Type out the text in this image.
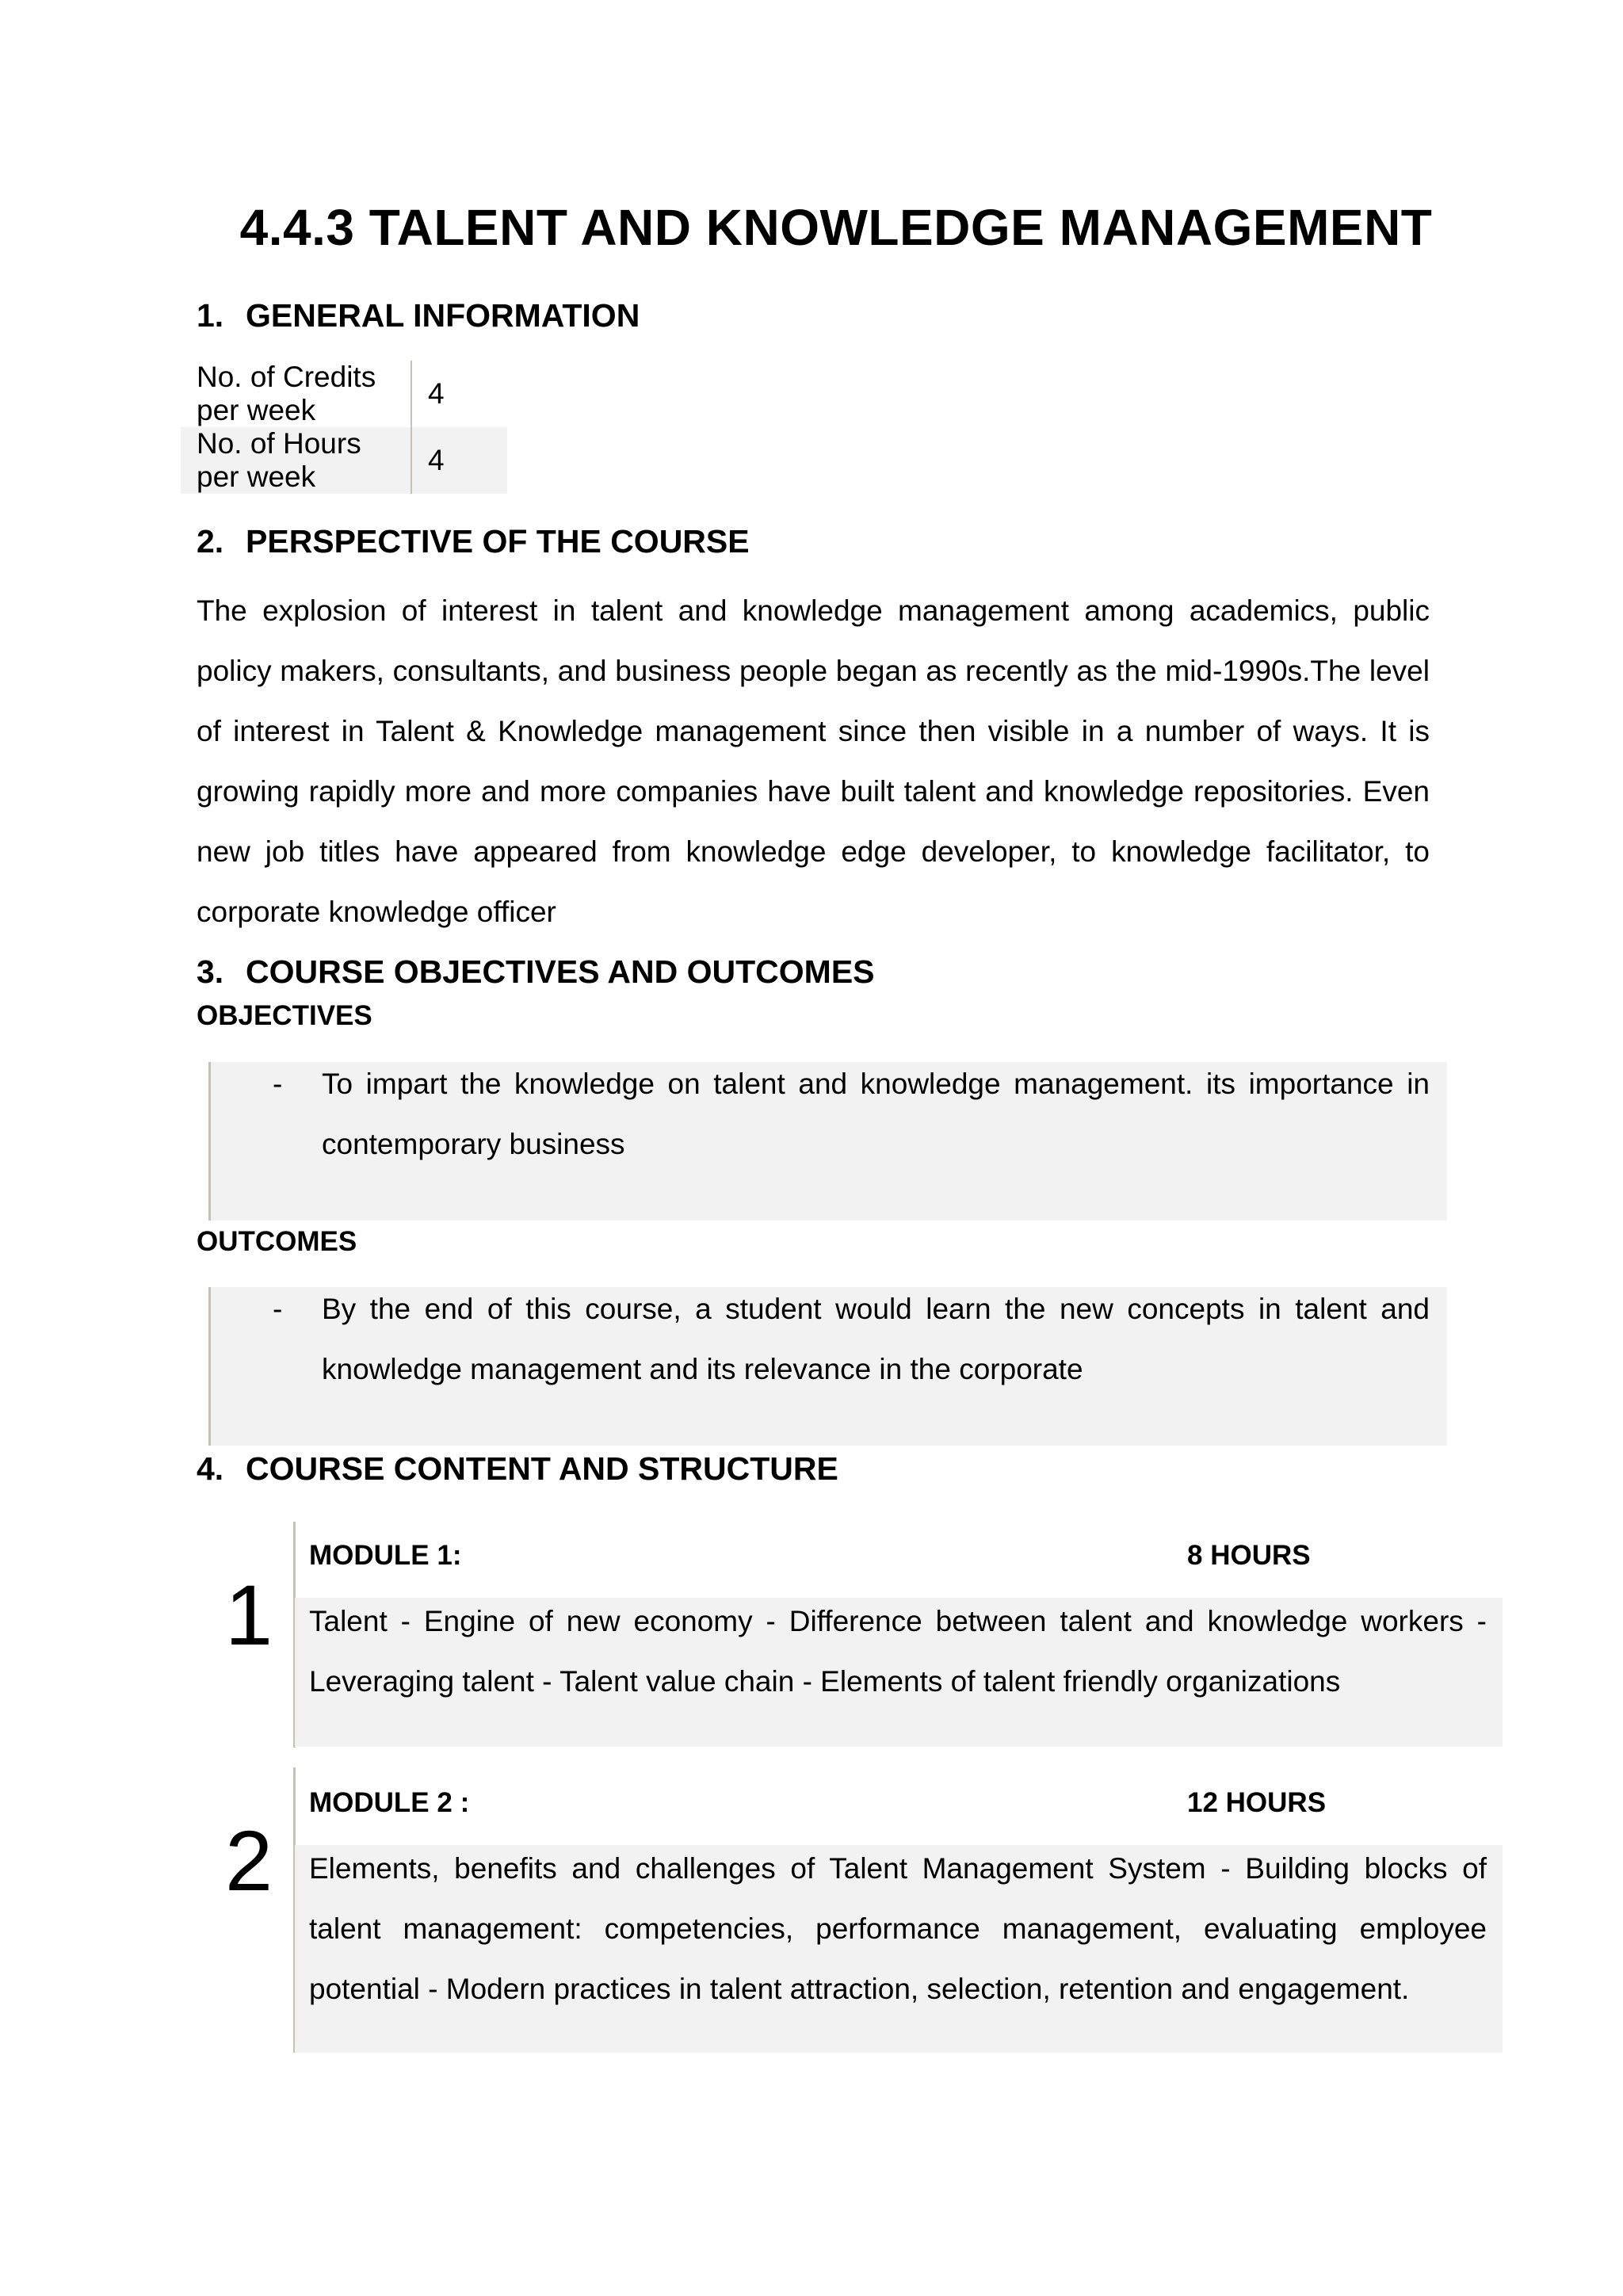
4.4.3 TALENT AND KNOWLEDGE MANAGEMENT
1. GENERAL INFORMATION
No. of Credits per week	4
No. of Hours per week	4
2. PERSPECTIVE OF THE COURSE
The explosion of interest in talent and knowledge management among academics, public policy makers, consultants, and business people began as recently as the mid-1990s.The level of interest in Talent & Knowledge management since then visible in a number of ways. It is growing rapidly more and more companies have built talent and knowledge repositories. Even new job titles have appeared from knowledge edge developer, to knowledge facilitator, to corporate knowledge officer
3. COURSE OBJECTIVES AND OUTCOMES
OBJECTIVES
- To impart the knowledge on talent and knowledge management. its importance in contemporary business
OUTCOMES
- By the end of this course, a student would learn the new concepts in talent and knowledge management and its relevance in the corporate
4. COURSE CONTENT AND STRUCTURE
1
MODULE 1:	8 HOURS
Talent - Engine of new economy - Difference between talent and knowledge workers - Leveraging talent - Talent value chain - Elements of talent friendly organizations
2
MODULE 2 :	12 HOURS
Elements, benefits and challenges of Talent Management System - Building blocks of talent management: competencies, performance management, evaluating employee potential - Modern practices in talent attraction, selection, retention and engagement.
